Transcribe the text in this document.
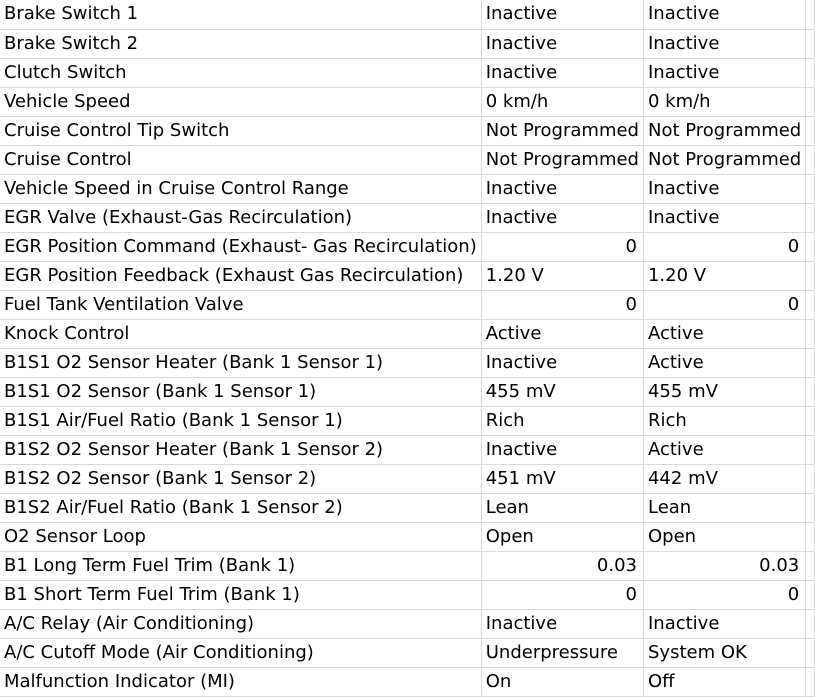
Brake Switch 1	Inactive	Inactive	
Brake Switch 2	Inactive	Inactive	
Clutch Switch	Inactive	Inactive	
Vehicle Speed	0 km/h	0 km/h	
Cruise Control Tip Switch	Not Programmed	Not Programmed	
Cruise Control	Not Programmed	Not Programmed	
Vehicle Speed in Cruise Control Range	Inactive	Inactive	
EGR Valve (Exhaust-Gas Recirculation)	Inactive	Inactive	
EGR Position Command (Exhaust- Gas Recirculation)	0	0	
EGR Position Feedback (Exhaust Gas Recirculation)	1.20 V	1.20 V	
Fuel Tank Ventilation Valve	0	0	
Knock Control	Active	Active	
B1S1 O2 Sensor Heater (Bank 1 Sensor 1)	Inactive	Active	
B1S1 O2 Sensor (Bank 1 Sensor 1)	455 mV	455 mV	
B1S1 Air/Fuel Ratio (Bank 1 Sensor 1)	Rich	Rich	
B1S2 O2 Sensor Heater (Bank 1 Sensor 2)	Inactive	Active	
B1S2 O2 Sensor (Bank 1 Sensor 2)	451 mV	442 mV	
B1S2 Air/Fuel Ratio (Bank 1 Sensor 2)	Lean	Lean	
O2 Sensor Loop	Open	Open	
B1 Long Term Fuel Trim (Bank 1)	0.03	0.03	
B1 Short Term Fuel Trim (Bank 1)	0	0	
A/C Relay (Air Conditioning)	Inactive	Inactive	
A/C Cutoff Mode (Air Conditioning)	Underpressure	System OK	
Malfunction Indicator (MI)	On	Off	
